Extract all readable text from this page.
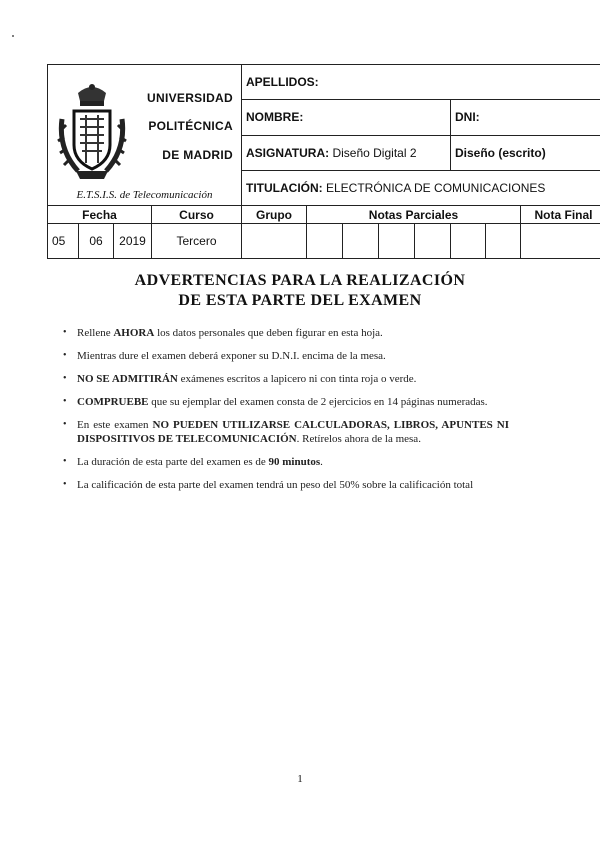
UNIVERSIDAD
POLITÉCNICA
DE MADRID
E.T.S.I.S. de Telecomunicación				APELLIDOS:							
				NOMBRE:					DNI:		
				ASIGNATURA: Diseño Digital 2					Diseño (escrito)		
				TITULACIÓN: ELECTRÓNICA DE COMUNICACIONES							
Fecha			Curso	Grupo	Notas Parciales						Nota Final
05	06	2019	Tercero								
ADVERTENCIAS PARA LA REALIZACIÓN
DE ESTA PARTE DEL EXAMEN
• Rellene AHORA los datos personales que deben figurar en esta hoja.
• Mientras dure el examen deberá exponer su D.N.I. encima de la mesa.
• NO SE ADMITIRÁN exámenes escritos a lapicero ni con tinta roja o verde.
• COMPRUEBE que su ejemplar del examen consta de 2 ejercicios en 14 páginas numeradas.
• En este examen NO PUEDEN UTILIZARSE CALCULADORAS, LIBROS, APUNTES NI DISPOSITIVOS DE TELECOMUNICACIÓN. Retírelos ahora de la mesa.
• La duración de esta parte del examen es de 90 minutos.
• La calificación de esta parte del examen tendrá un peso del 50% sobre la calificación total
1
